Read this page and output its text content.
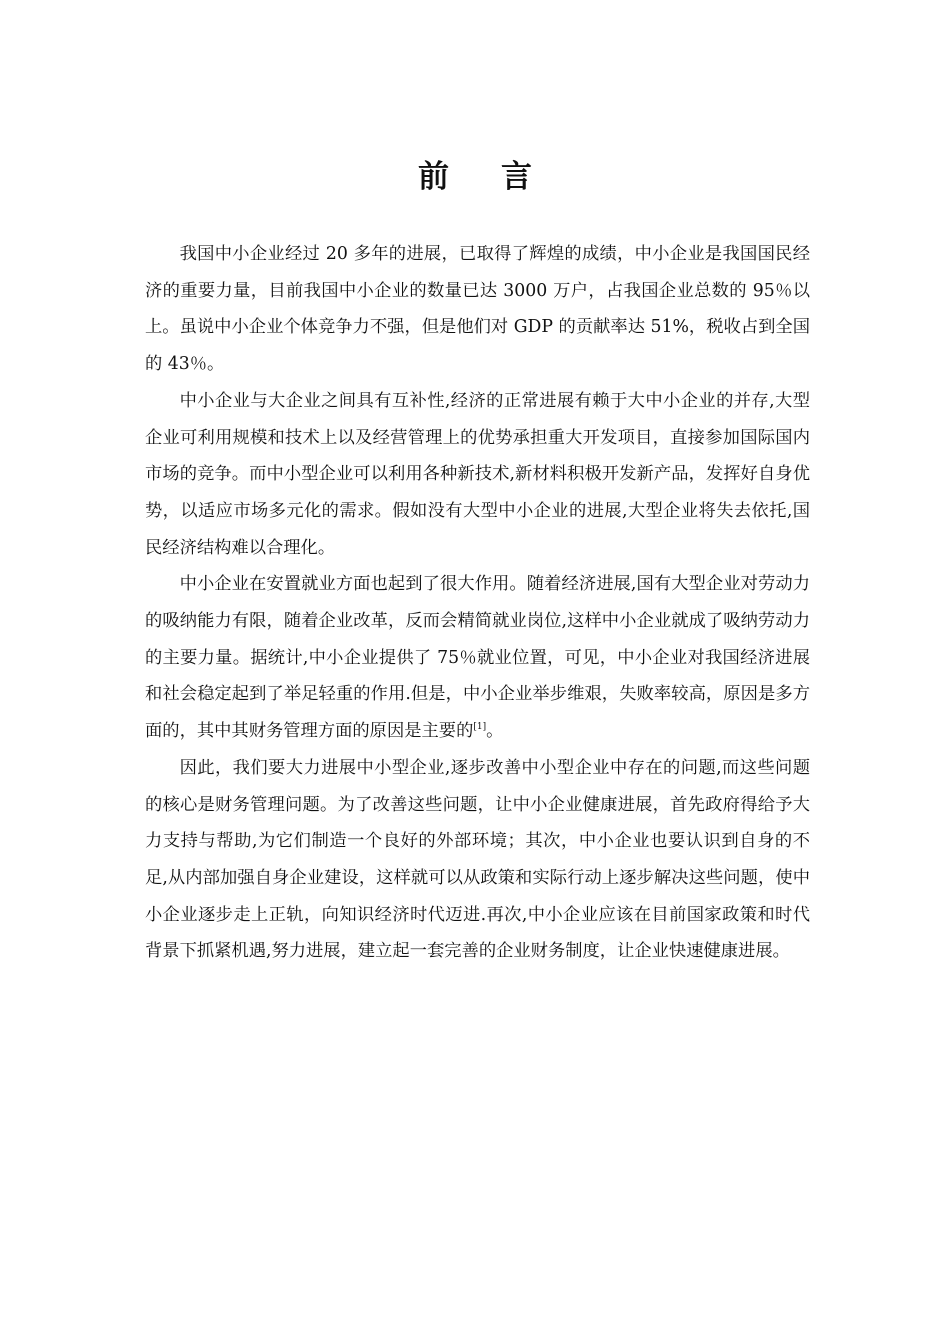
前言

我国中小企业经过 20 多年的进展，已取得了辉煌的成绩，中小企业是我国国民经济的重要力量，目前我国中小企业的数量已达 3000 万户，占我国企业总数的 95％以上。虽说中小企业个体竞争力不强，但是他们对 GDP 的贡献率达 51%，税收占到全国的 43％。

中小企业与大企业之间具有互补性,经济的正常进展有赖于大中小企业的并存,大型企业可利用规模和技术上以及经营管理上的优势承担重大开发项目，直接参加国际国内市场的竞争。而中小型企业可以利用各种新技术,新材料积极开发新产品，发挥好自身优势，以适应市场多元化的需求。假如没有大型中小企业的进展,大型企业将失去依托,国民经济结构难以合理化。

中小企业在安置就业方面也起到了很大作用。随着经济进展,国有大型企业对劳动力的吸纳能力有限，随着企业改革，反而会精简就业岗位,这样中小企业就成了吸纳劳动力的主要力量。据统计,中小企业提供了 75％就业位置，可见，中小企业对我国经济进展和社会稳定起到了举足轻重的作用.但是，中小企业举步维艰，失败率较高，原因是多方面的，其中其财务管理方面的原因是主要的[1]。

因此，我们要大力进展中小型企业,逐步改善中小型企业中存在的问题,而这些问题的核心是财务管理问题。为了改善这些问题，让中小企业健康进展，首先政府得给予大力支持与帮助,为它们制造一个良好的外部环境；其次，中小企业也要认识到自身的不足,从内部加强自身企业建设，这样就可以从政策和实际行动上逐步解决这些问题，使中小企业逐步走上正轨，向知识经济时代迈进.再次,中小企业应该在目前国家政策和时代背景下抓紧机遇,努力进展，建立起一套完善的企业财务制度，让企业快速健康进展。
